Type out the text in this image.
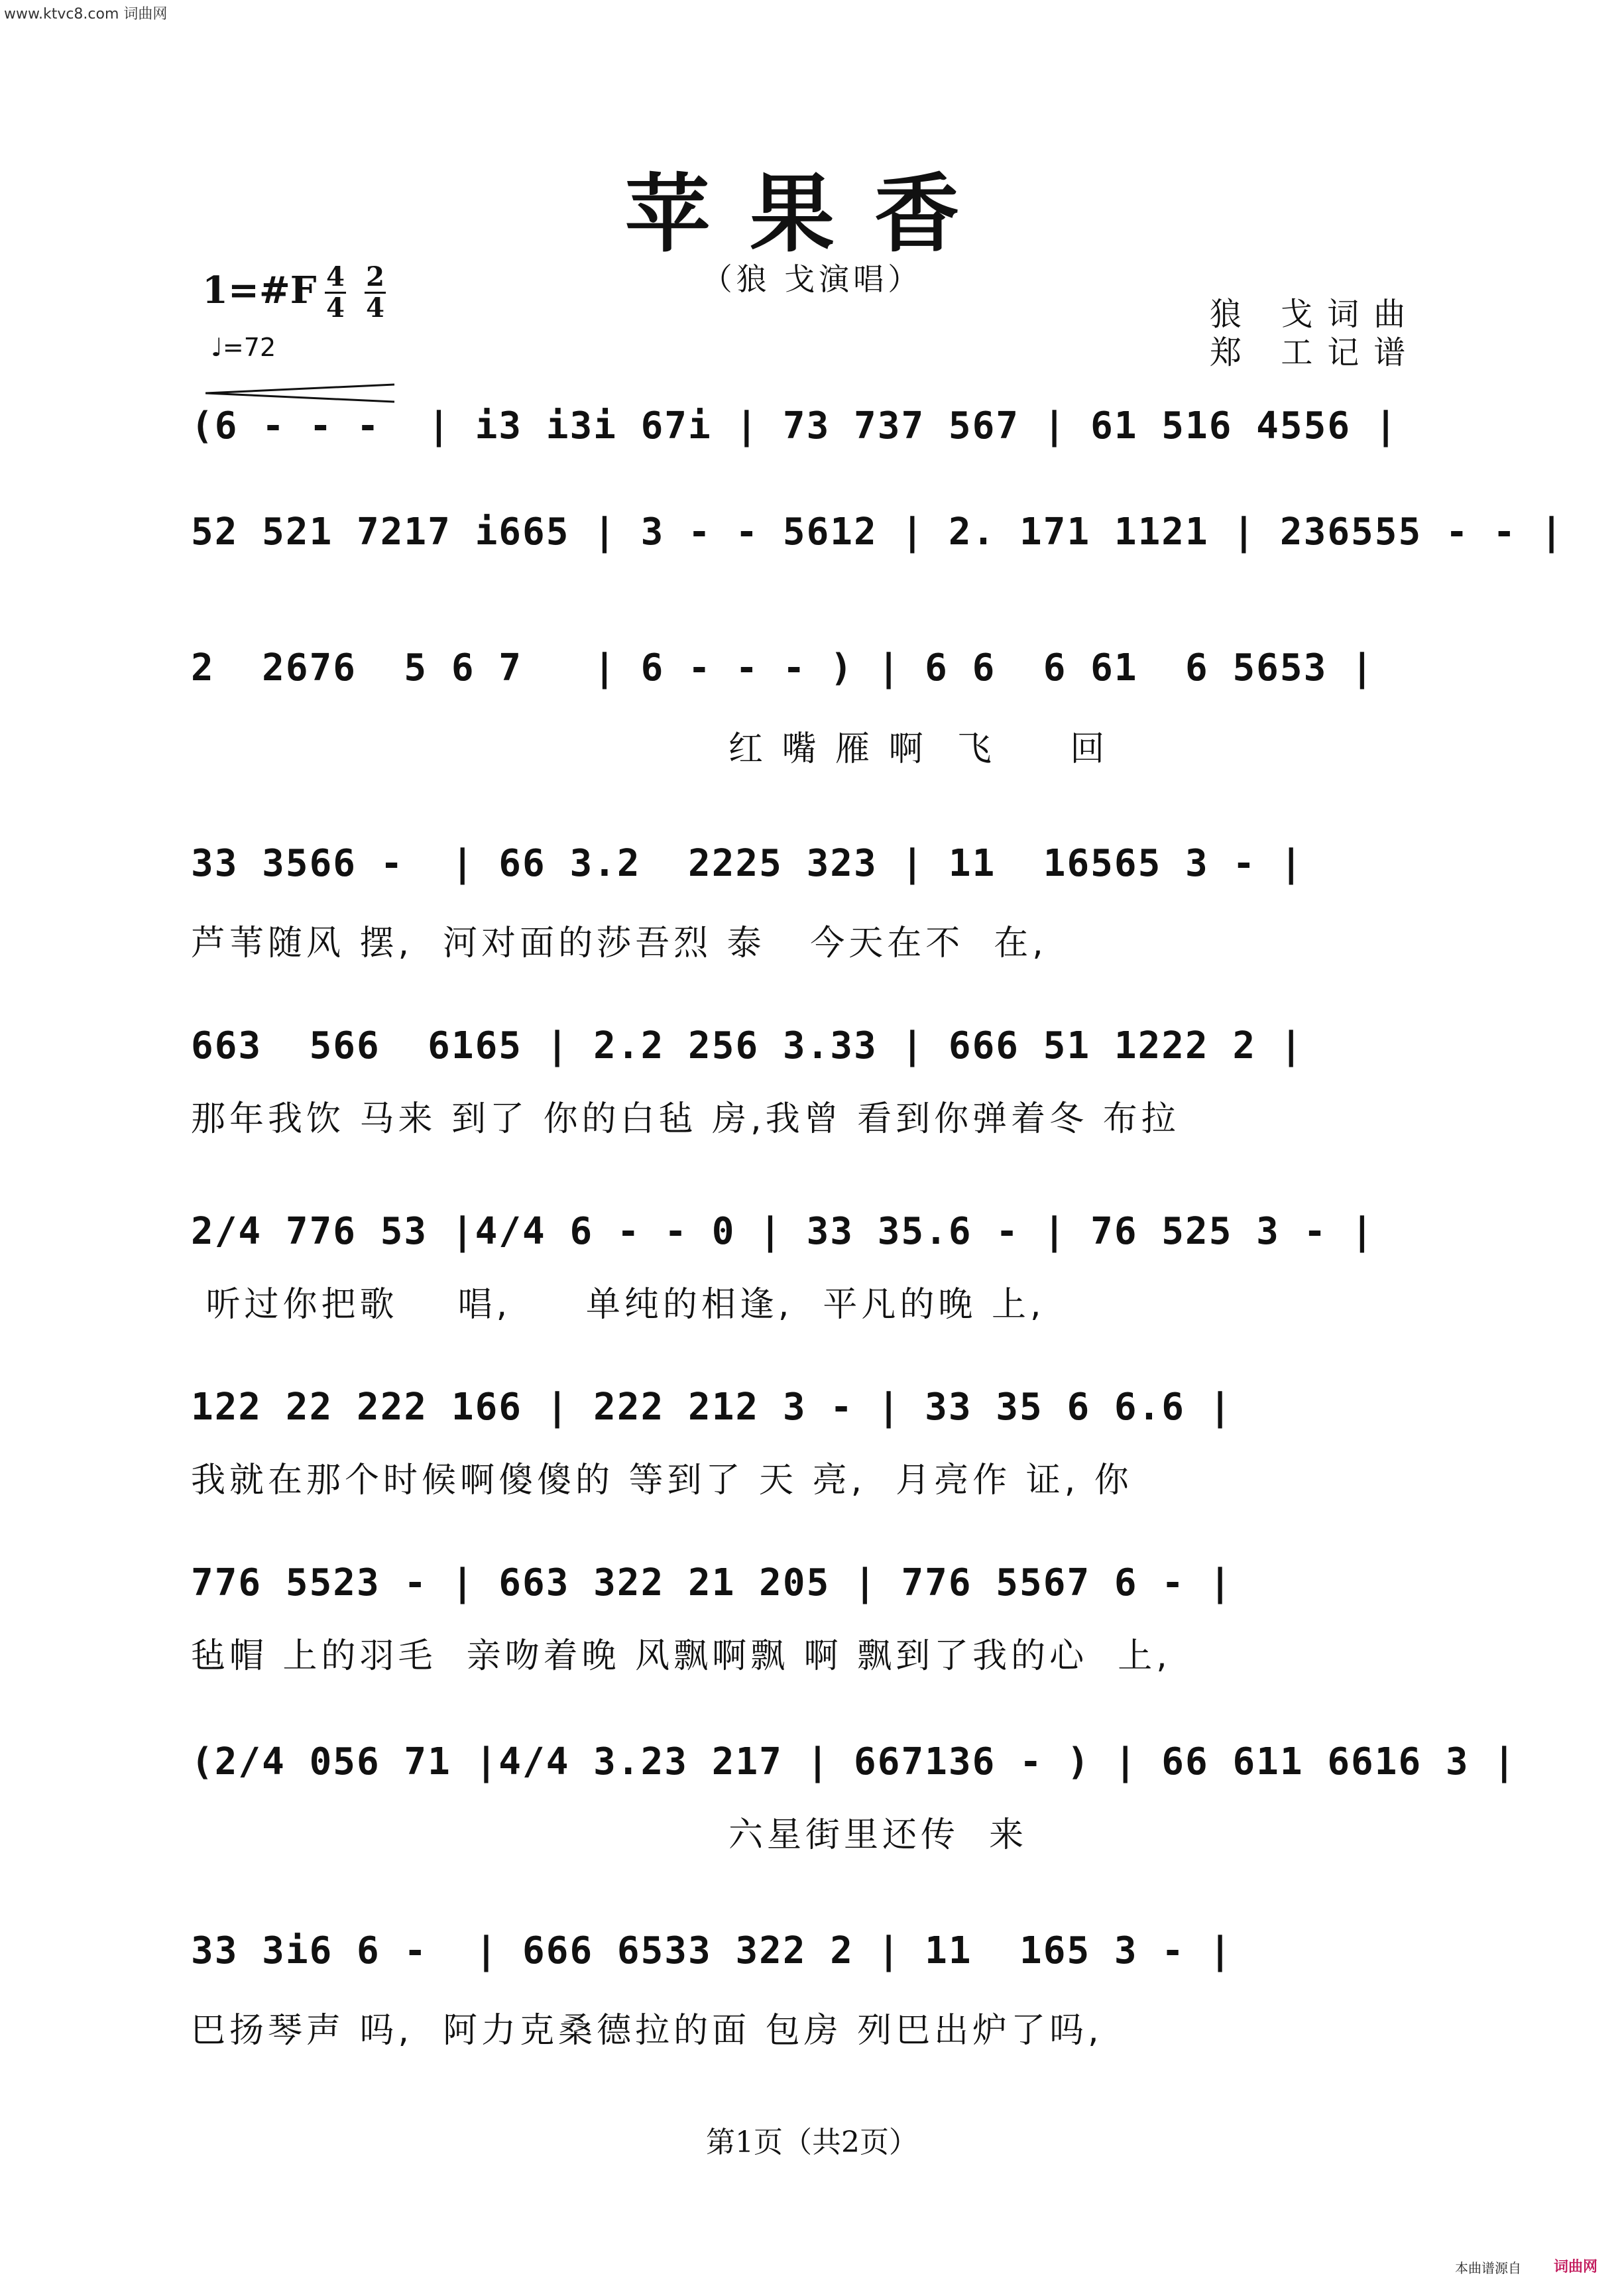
www.ktvc8.com 词曲网
苹果香
（狼 戈演唱）
1=#F 4
4
2
4
♩=72
狼 戈词曲
郑 工记谱
(6 - - -  | i3 i3i 67i | 73 737 567 | 61 516 4556 |
52 521 7217 i665 | 3 - - 5612 | 2. 171 1121 | 236555 - - |
2  2676  5 6 7   | 6 - - - ) | 6 6  6 61  6 5653 |
红 嘴 雁 啊  飞     回
33 3566 -  | 66 3.2  2225 323 | 11  16565 3 - |
芦苇随风 摆,  河对面的莎吾烈 泰   今天在不  在,
663  566  6165 | 2.2 256 3.33 | 666 51 1222 2 |
那年我饮 马来 到了 你的白毡 房,我曾 看到你弹着冬 布拉
2/4 776 53 |4/4 6 - - 0 | 33 35.6 - | 76 525 3 - |
听过你把歌    唱,     单纯的相逢,  平凡的晚 上,
122 22 222 166 | 222 212 3 - | 33 35 6 6.6 |
我就在那个时候啊傻傻的 等到了 天 亮,  月亮作 证, 你
776 5523 - | 663 322 21 205 | 776 5567 6 - |
毡帽 上的羽毛  亲吻着晚 风飘啊飘 啊 飘到了我的心  上,
(2/4 056 71 |4/4 3.23 217 | 667136 - ) | 66 611 6616 3 |
六星街里还传  来
33 3i6 6 -  | 666 6533 322 2 | 11  165 3 - |
巴扬琴声 吗,  阿力克桑德拉的面 包房 列巴出炉了吗,
第1页（共2页）
本曲谱源自 词曲网
